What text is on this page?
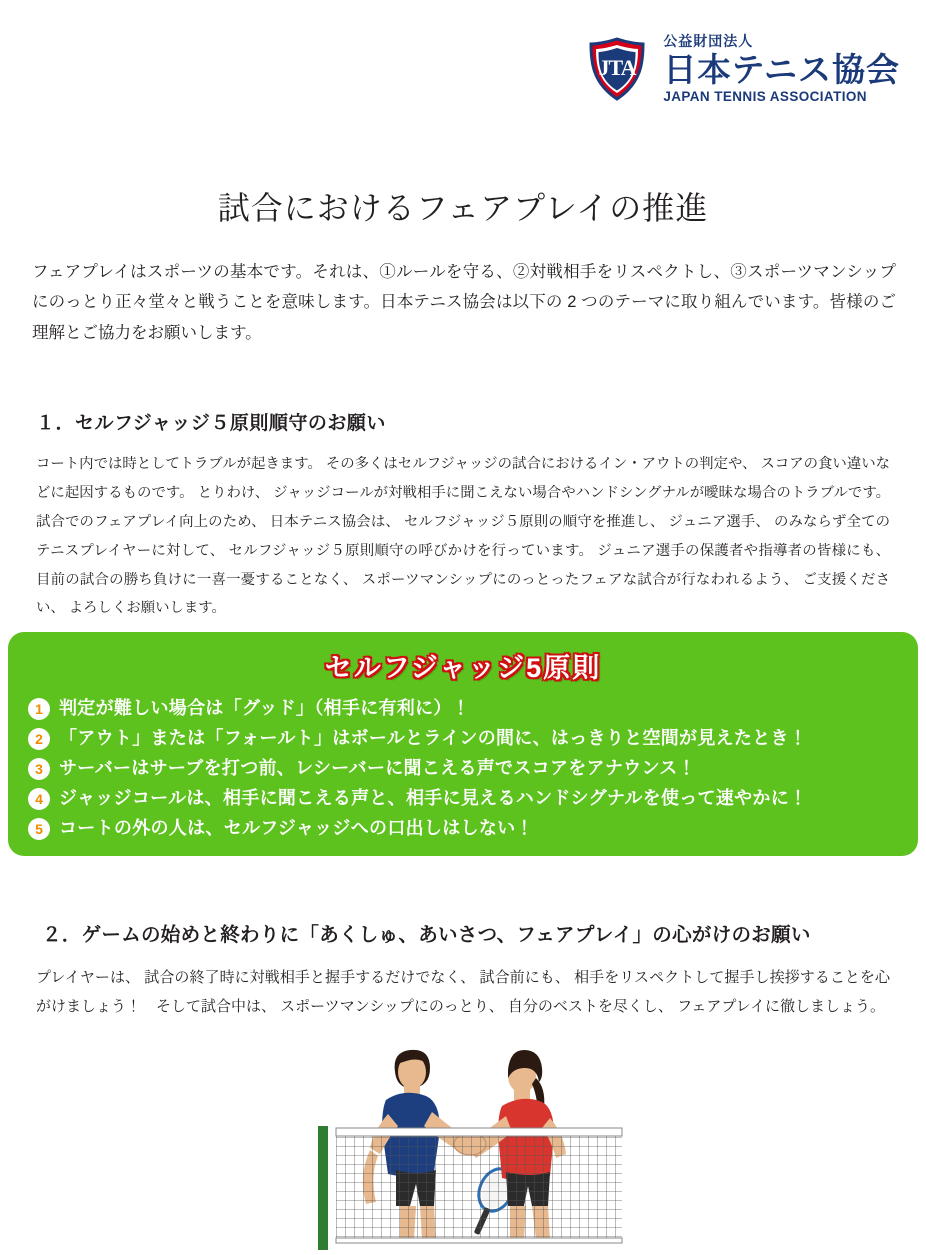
JTA
公益財団法人
日本テニス協会
JAPAN TENNIS ASSOCIATION
試合におけるフェアプレイの推進

フェアプレイはスポーツの基本です。それは、①ルールを守る、②対戦相手をリスペクトし、③スポーツマンシップにのっとり正々堂々と戦うことを意味します。日本テニス協会は以下の 2 つのテーマに取り組んでいます。皆様のご理解とご協力をお願いします。

１．セルフジャッジ５原則順守のお願い

コート内では時としてトラブルが起きます。 その多くはセルフジャッジの試合におけるイン・アウトの判定や、 スコアの食い違いなどに起因するものです。 とりわけ、 ジャッジコールが対戦相手に聞こえない場合やハンドシングナルが曖昧な場合のトラブルです。 試合でのフェアプレイ向上のため、 日本テニス協会は、 セルフジャッジ５原則の順守を推進し、 ジュニア選手、 のみならず全てのテニスプレイヤーに対して、 セルフジャッジ５原則順守の呼びかけを行っています。 ジュニア選手の保護者や指導者の皆様にも、 目前の試合の勝ち負けに一喜一憂することなく、 スポーツマンシップにのっとったフェアな試合が行なわれるよう、 ご支援ください、 よろしくお願いします。

セルフジャッジ5原則
1 判定が難しい場合は「グッド」（相手に有利に）！
2 「アウト」または「フォールト」はボールとラインの間に、はっきりと空間が見えたとき！
3 サーバーはサーブを打つ前、レシーバーに聞こえる声でスコアをアナウンス！
4 ジャッジコールは、相手に聞こえる声と、相手に見えるハンドシグナルを使って速やかに！
5 コートの外の人は、セルフジャッジへの口出しはしない！
２．ゲームの始めと終わりに「あくしゅ、あいさつ、フェアプレイ」の心がけのお願い

プレイヤーは、 試合の終了時に対戦相手と握手するだけでなく、 試合前にも、 相手をリスペクトして握手し挨拶することを心がけましょう！　そして試合中は、 スポーツマンシップにのっとり、 自分のベストを尽くし、 フェアプレイに徹しましょう。
